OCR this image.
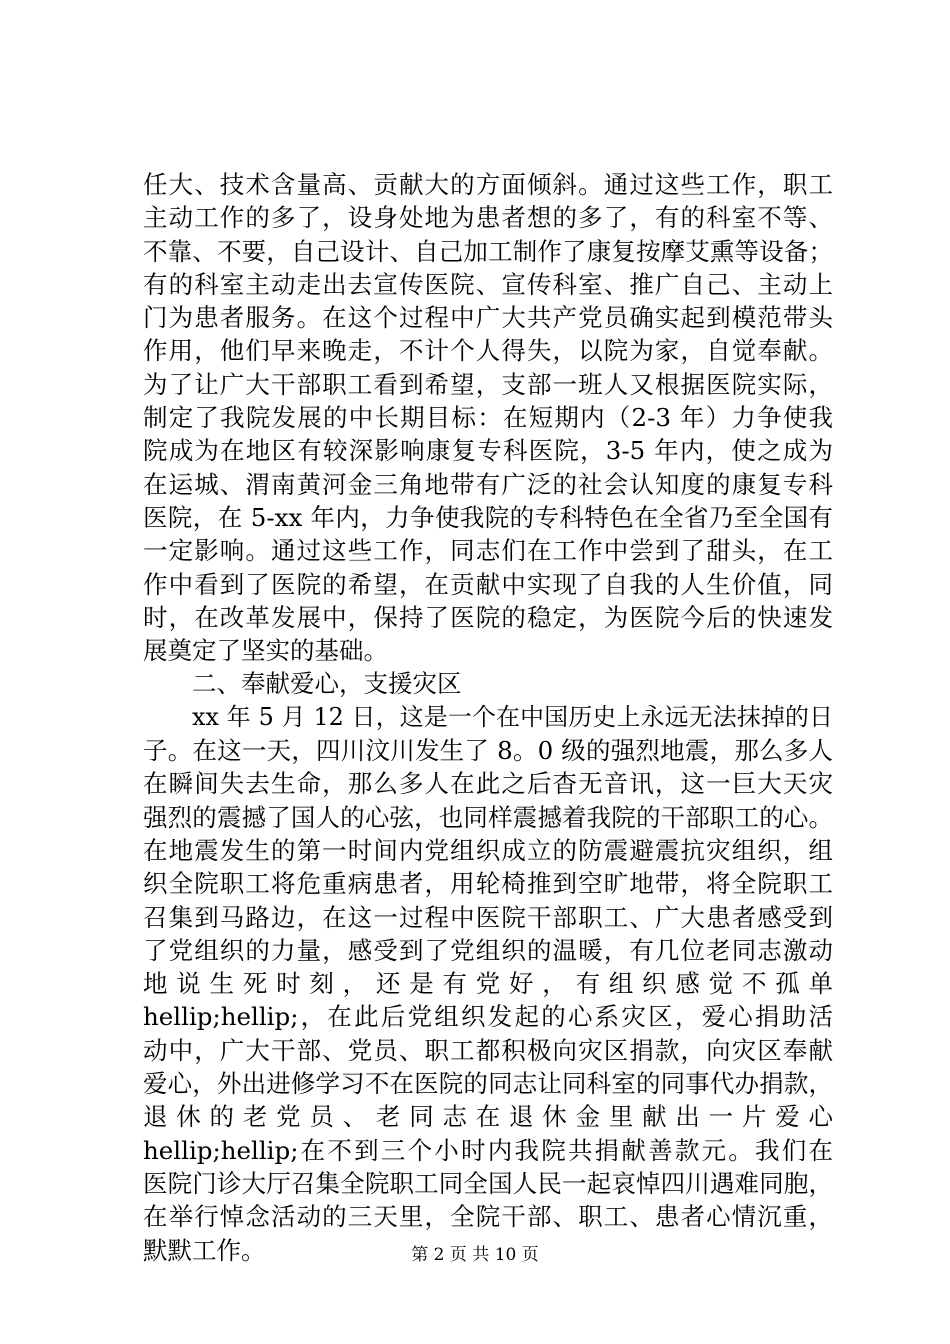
任大、技术含量高、贡献大的方面倾斜。通过这些工作，职工
主动工作的多了，设身处地为患者想的多了，有的科室不等、
不靠、不要，自己设计、自己加工制作了康复按摩艾熏等设备；
有的科室主动走出去宣传医院、宣传科室、推广自己、主动上
门为患者服务。在这个过程中广大共产党员确实起到模范带头
作用，他们早来晚走，不计个人得失，以院为家，自觉奉献。
为了让广大干部职工看到希望，支部一班人又根据医院实际，
制定了我院发展的中长期目标：在短期内（2-3 年）力争使我
院成为在地区有较深影响康复专科医院，3-5 年内，使之成为
在运城、渭南黄河金三角地带有广泛的社会认知度的康复专科
医院，在 5-xx 年内，力争使我院的专科特色在全省乃至全国有
一定影响。通过这些工作，同志们在工作中尝到了甜头，在工
作中看到了医院的希望，在贡献中实现了自我的人生价值，同
时，在改革发展中，保持了医院的稳定，为医院今后的快速发
展奠定了坚实的基础。
二、奉献爱心，支援灾区
xx 年 5 月 12 日，这是一个在中国历史上永远无法抹掉的日
子。在这一天，四川汶川发生了 8。0 级的强烈地震，那么多人
在瞬间失去生命，那么多人在此之后杳无音讯，这一巨大天灾
强烈的震撼了国人的心弦，也同样震撼着我院的干部职工的心。
在地震发生的第一时间内党组织成立的防震避震抗灾组织，组
织全院职工将危重病患者，用轮椅推到空旷地带，将全院职工
召集到马路边，在这一过程中医院干部职工、广大患者感受到
了党组织的力量，感受到了党组织的温暖，有几位老同志激动
地 说 生 死 时 刻 ， 还 是 有 党 好 ， 有 组 织 感 觉 不 孤 单
hellip;hellip;，在此后党组织发起的心系灾区，爱心捐助活
动中，广大干部、党员、职工都积极向灾区捐款，向灾区奉献
爱心，外出进修学习不在医院的同志让同科室的同事代办捐款，
退 休 的 老 党 员 、 老 同 志 在 退 休 金 里 献 出 一 片 爱 心
hellip;hellip;在不到三个小时内我院共捐献善款元。我们在
医院门诊大厅召集全院职工同全国人民一起哀悼四川遇难同胞，
在举行悼念活动的三天里，全院干部、职工、患者心情沉重，
默默工作。	第 2 页 共 10 页
